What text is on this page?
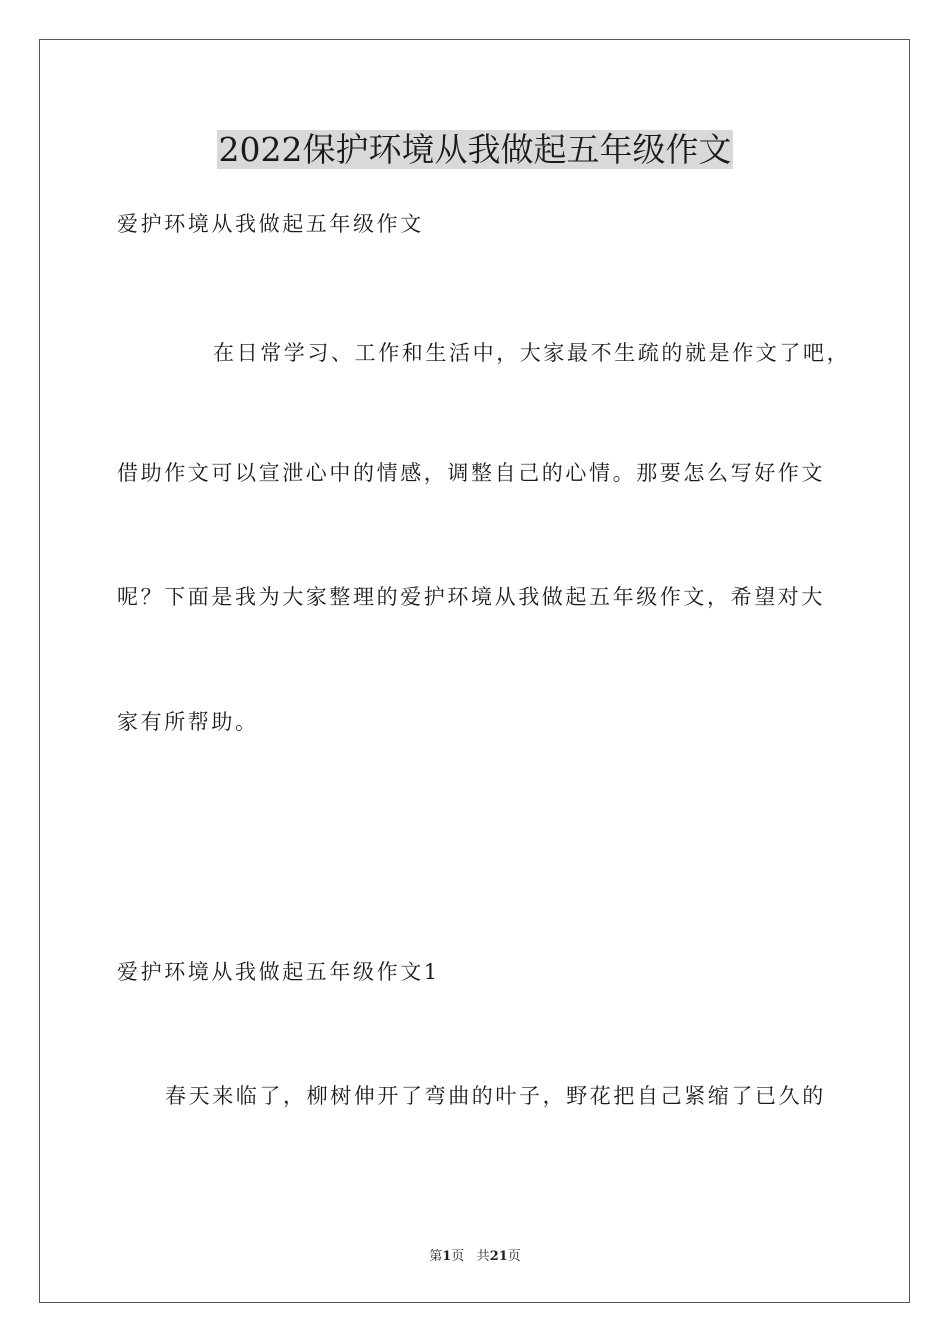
2022保护环境从我做起五年级作文
爱护环境从我做起五年级作文
在日常学习、工作和生活中，大家最不生疏的就是作文了吧，
借助作文可以宣泄心中的情感，调整自己的心情。那要怎么写好作文
呢？下面是我为大家整理的爱护环境从我做起五年级作文，希望对大
家有所帮助。
爱护环境从我做起五年级作文1
春天来临了，柳树伸开了弯曲的叶子，野花把自己紧缩了已久的
第1页 共21页
